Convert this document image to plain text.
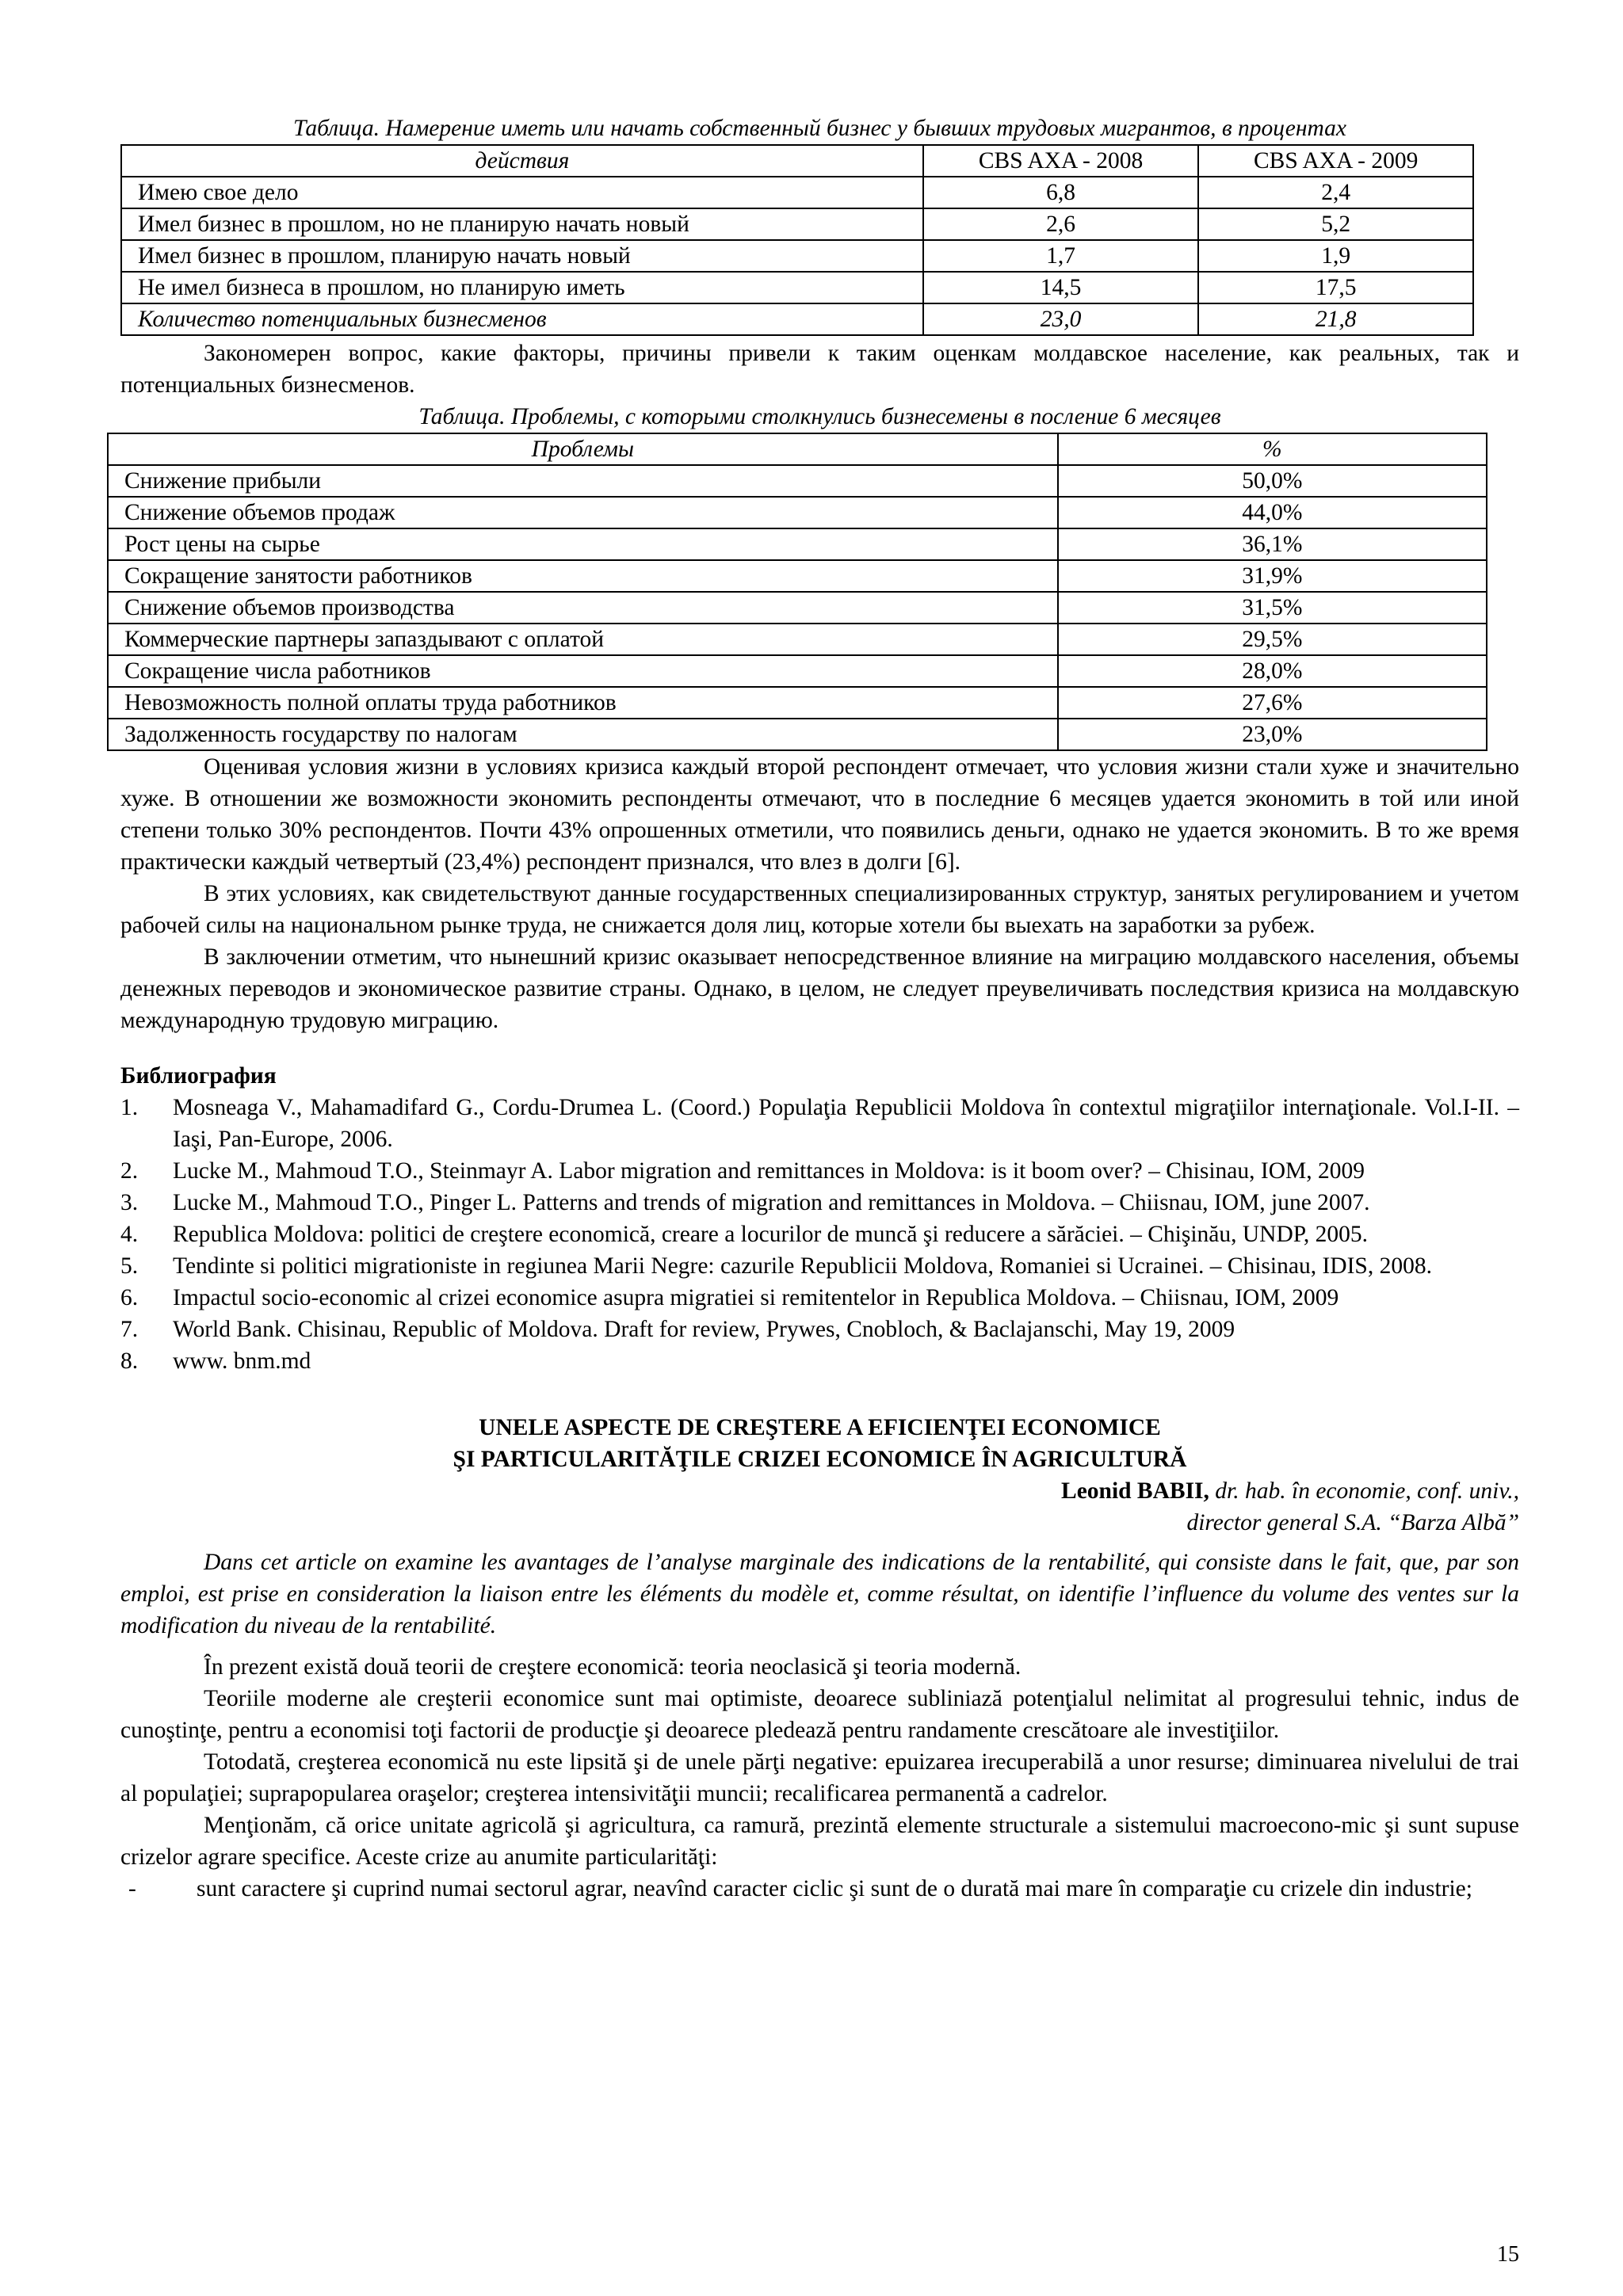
Таблица. Намерение иметь или начать собственный бизнес у бывших трудовых мигрантов, в процентах
действия	CBS AXA - 2008	CBS AXA - 2009
Имею свое дело	6,8	2,4
Имел бизнес в прошлом, но не планирую начать новый	2,6	5,2
Имел бизнес в прошлом, планирую начать новый	1,7	1,9
Не имел бизнеса в прошлом, но планирую иметь	14,5	17,5
Количество потенциальных бизнесменов	23,0	21,8

Закономерен вопрос, какие факторы, причины привели к таким оценкам молдавское население, как реальных, так и потенциальных бизнесменов.

Таблица. Проблемы, с которыми столкнулись бизнесемены в послениe 6 месяцев
Проблемы	%
Снижение прибыли	50,0%
Снижение объемов продаж	44,0%
Рост цены на сырье	36,1%
Сокращение занятости работников	31,9%
Снижение объемов производства	31,5%
Коммерческие партнеры запаздывают с оплатой	29,5%
Сокращение числа работников	28,0%
Невозможность полной оплаты труда работников	27,6%
Задолженность государству по налогам	23,0%

Оценивая условия жизни в условиях кризиса каждый второй респондент отмечает, что условия жизни стали хуже и значительно хуже. В отношении же возможности экономить респонденты отмечают, что в последние 6 месяцев удается экономить в той или иной степени только 30% респондентов. Почти 43% опрошенных отметили, что появились деньги, однако не удается экономить. В то же время практически каждый четвертый (23,4%) респондент признался, что влез в долги [6].

В этих условиях, как свидетельствуют данные государственных специализированных структур, занятых регулированием и учетом рабочей силы на национальном рынке труда, не снижается доля лиц, которые хотели бы выехать на заработки за рубеж.

В заключении отметим, что нынешний кризис оказывает непосредственное влияние на миграцию молдавского населения, объемы денежных переводов и экономическое развитие страны. Однако, в целом, не следует преувеличивать последствия кризиса на молдавскую международную трудовую миграцию.

Библиография
1. Mosneaga V., Mahamadifard G., Cordu-Drumea L. (Coord.) Populaţia Republicii Moldova în contextul migraţiilor internaţionale. Vol.I-II. – Iaşi, Pan-Europe, 2006.
2. Lucke M., Mahmoud T.O., Steinmayr A. Labor migration and remittances in Moldova: is it boom over? – Chisinau, IOM, 2009
3. Lucke M., Mahmoud T.O., Pinger L. Patterns and trends of migration and remittances in Moldova. – Chiisnau, IOM, june 2007.
4. Republica Moldova: politici de creştere economică, creare a locurilor de muncă şi reducere a sărăciei. – Chişinău, UNDP, 2005.
5. Tendinte si politici migrationiste in regiunea Marii Negre: cazurile Republicii Moldova, Romaniei si Ucrainei. – Chisinau, IDIS, 2008.
6. Impactul socio-economic al crizei economice asupra migratiei si remitentelor in Republica Moldova. – Chiisnau, IOM, 2009
7. World Bank. Chisinau, Republic of Moldova. Draft for review, Prywes, Cnobloch, & Baclajanschi, May 19, 2009
8. www. bnm.md
UNELE ASPECTE DE CREŞTERE A EFICIENŢEI ECONOMICE
ŞI PARTICULARITĂŢILE CRIZEI ECONOMICE ÎN AGRICULTURĂ
Leonid BABII, dr. hab. în economie, conf. univ.,
director general S.A. “Barza Albă”

Dans cet article on examine les avantages de l’analyse marginale des indications de la rentabilité, qui consiste dans le fait, que, par son emploi, est prise en consideration la liaison entre les éléments du modèle et, comme résultat, on identifie l’influence du volume des ventes sur la modification du niveau de la rentabilité.

În prezent există două teorii de creştere economică: teoria neoclasică şi teoria modernă.

Teoriile moderne ale creşterii economice sunt mai optimiste, deoarece subliniază potenţialul nelimitat al progresului tehnic, indus de cunoştinţe, pentru a economisi toţi factorii de producţie şi deoarece pledează pentru randamente crescătoare ale investiţiilor.

Totodată, creşterea economică nu este lipsită şi de unele părţi negative: epuizarea irecuperabilă a unor resurse; diminuarea nivelului de trai al populaţiei; suprapopularea oraşelor; creşterea intensivităţii muncii; recalificarea permanentă a cadrelor.

Menţionăm, că orice unitate agricolă şi agricultura, ca ramură, prezintă elemente structurale a sistemului macroecono-mic şi sunt supuse crizelor agrare specifice. Aceste crize au anumite particularităţi:

-	sunt caractere şi cuprind numai sectorul agrar, neavînd caracter ciclic şi sunt de o durată mai mare în comparaţie cu crizele din industrie;
15
